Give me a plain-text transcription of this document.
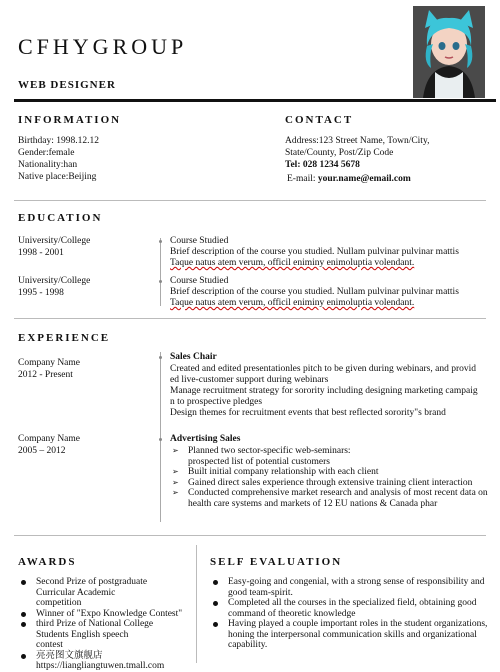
CFHYGROUP
WEB DESIGNER
INFORMATION
Birthday: 1998.12.12
Gender:female
Nationality:han
Native place:Beijing
CONTACT
Address:123 Street Name, Town/City,
State/County, Post/Zip Code
Tel: 028 1234 5678
E-mail: your.name@email.com
EDUCATION
University/College
1998 - 2001
Course Studied
Brief description of the course you studied. Nullam pulvinar pulvinar mattis
Taque natus atem verum, officil eniminy enimoluptia volendant.
University/College
1995 - 1998
Course Studied
Brief description of the course you studied. Nullam pulvinar pulvinar mattis
Taque natus atem verum, officil eniminy enimoluptia volendant.
EXPERIENCE
Company Name
2012 - Present
Sales Chair
Created and edited presentationles pitch to be given during webinars, and provid
ed live-customer support during webinars
Manage recruitment strategy for sorority including designing marketing campaig
n to prospective pledges
Design themes for recruitment events that best reflected sorority"s brand
Company Name
2005 – 2012
Advertising Sales
➢ Planned two sector-specific web-seminars: prospected list of potential customers
➢ Built initial company relationship with each client
➢ Gained direct sales experience through extensive training client interaction
➢ Conducted comprehensive market research and analysis of most recent data on health care systems and markets of 12 EU nations & Canada phar
AWARDS
Second Prize of postgraduate Curricular Academic competition
Winner of "Expo Knowledge Contest"
third Prize of National College Students English speech contest
亮亮图文旗舰店 https://liangliangtuwen.tmall.com
SELF EVALUATION
Easy-going and congenial, with a strong sense of responsibility and good team-spirit.
Completed all the courses in the specialized field, obtaining good command of theoretic knowledge
Having played a couple important roles in the student organizations, honing the interpersonal communication skills and organizational capability.
